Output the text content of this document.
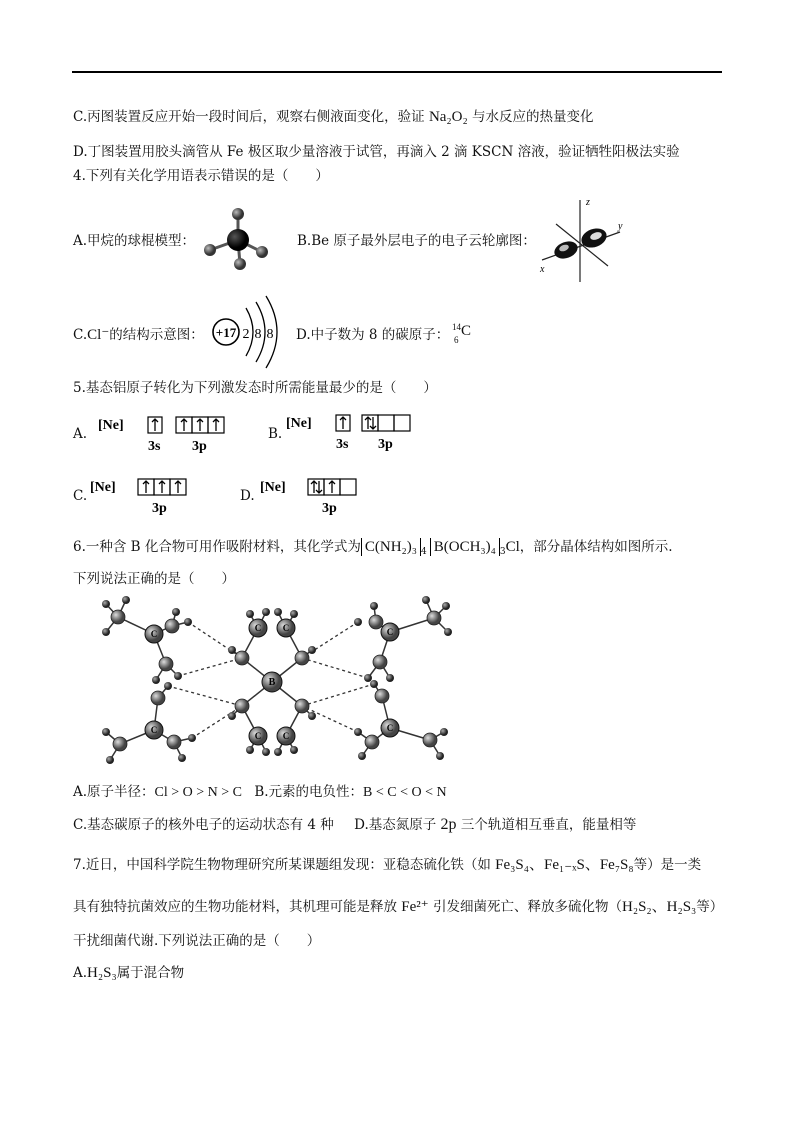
C.丙图装置反应开始一段时间后，观察右侧液面变化，验证 Na₂O₂ 与水反应的热量变化
D.丁图装置用胶头滴管从 Fe 极区取少量溶液于试管，再滴入 2 滴 KSCN 溶液，验证牺牲阳极法实验
4.下列有关化学用语表示错误的是（　　）
A.甲烷的球棍模型：	B.Be 原子最外层电子的电子云轮廓图：
z
y
x
C.Cl⁻的结构示意图： +17 2 8 8 D.中子数为 8 的碳原子： 14
6
C
5.基态铝原子转化为下列激发态时所需能量最少的是（　　）
A.
[Ne]
3s 3p
B.
[Ne]
3s 3p
C.
[Ne]
3p
D.
[Ne]
3p
6.一种含 B 化合物可用作吸附材料，其化学式为 C(NH₂)₃ $_4$ B(OCH₃)₄ $_3$Cl，部分晶体结构如图所示.
下列说法正确的是（　　）
C
C
C
C
C C
C C
B
A.原子半径：Cl > O > N > C B.元素的电负性：B < C < O < N
C.基态碳原子的核外电子的运动状态有 4 种 D.基态氮原子 2p 三个轨道相互垂直，能量相等
7.近日，中国科学院生物物理研究所某课题组发现：亚稳态硫化铁（如 Fe₃S₄、Fe₁₋ₓS、Fe₇S₈等）是一类
具有独特抗菌效应的生物功能材料，其机理可能是释放 Fe²⁺ 引发细菌死亡、释放多硫化物（H₂S₂、H₂S₃等）
干扰细菌代谢.下列说法正确的是（　　）
A.H₂S₃属于混合物
